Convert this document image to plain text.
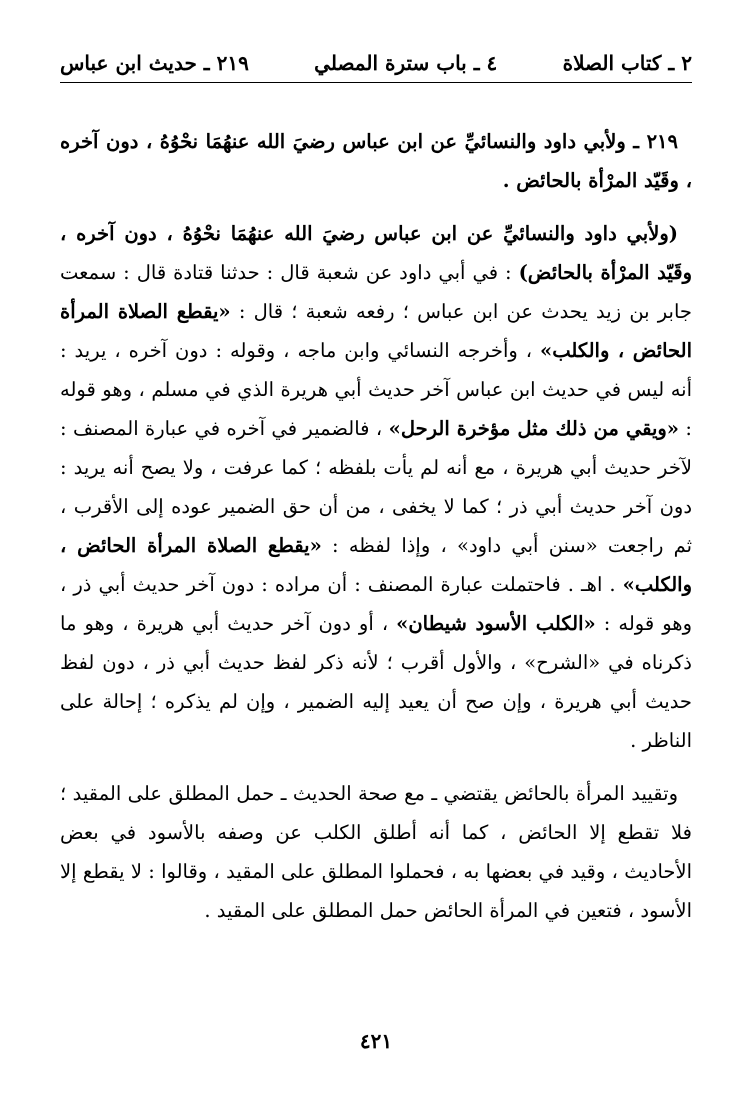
٢ ـ كتاب الصلاة
٤ ـ باب سترة المصلي
٢١٩ ـ حديث ابن عباس

٢١٩ ـ ولأبي داود والنسائيِّ عن ابن عباس رضيَ الله عنهُمَا نحْوُهُ ، دون آخره ، وقَيّد المرْأة بالحائض .

(ولأبي داود والنسائيِّ عن ابن عباس رضيَ الله عنهُمَا نحْوُهُ ، دون آخره ، وقَيّد المرْأة بالحائض) : في أبي داود عن شعبة قال : حدثنا قتادة قال : سمعت جابر بن زيد يحدث عن ابن عباس ؛ رفعه شعبة ؛ قال : «يقطع الصلاة المرأة الحائض ، والكلب» ، وأخرجه النسائي وابن ماجه ، وقوله : دون آخره ، يريد : أنه ليس في حديث ابن عباس آخر حديث أبي هريرة الذي في مسلم ، وهو قوله : «ويقي من ذلك مثل مؤخرة الرحل» ، فالضمير في آخره في عبارة المصنف : لآخر حديث أبي هريرة ، مع أنه لم يأت بلفظه ؛ كما عرفت ، ولا يصح أنه يريد : دون آخر حديث أبي ذر ؛ كما لا يخفى ، من أن حق الضمير عوده إلى الأقرب ، ثم راجعت «سنن أبي داود» ، وإذا لفظه : «يقطع الصلاة المرأة الحائض ، والكلب» . اهـ . فاحتملت عبارة المصنف : أن مراده : دون آخر حديث أبي ذر ، وهو قوله : «الكلب الأسود شيطان» ، أو دون آخر حديث أبي هريرة ، وهو ما ذكرناه في «الشرح» ، والأول أقرب ؛ لأنه ذكر لفظ حديث أبي ذر ، دون لفظ حديث أبي هريرة ، وإن صح أن يعيد إليه الضمير ، وإن لم يذكره ؛ إحالة على الناظر .

وتقييد المرأة بالحائض يقتضي ـ مع صحة الحديث ـ حمل المطلق على المقيد ؛ فلا تقطع إلا الحائض ، كما أنه أطلق الكلب عن وصفه بالأسود في بعض الأحاديث ، وقيد في بعضها به ، فحملوا المطلق على المقيد ، وقالوا : لا يقطع إلا الأسود ، فتعين في المرأة الحائض حمل المطلق على المقيد .

٤٢١
